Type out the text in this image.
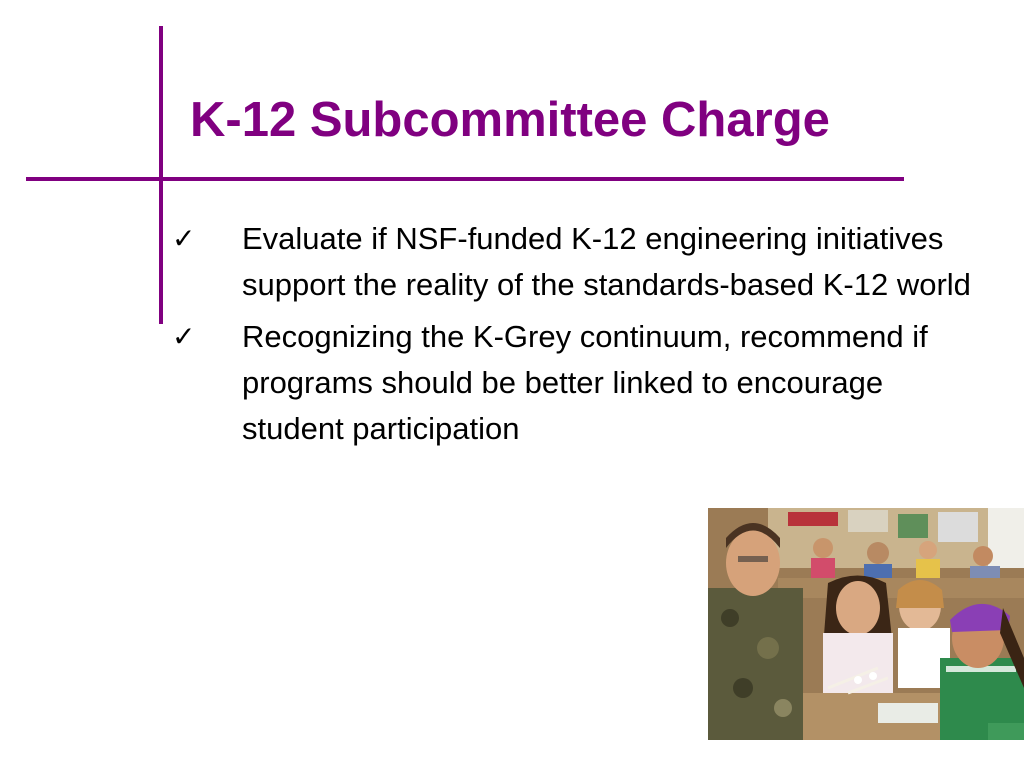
K-12 Subcommittee Charge
✓ Evaluate if NSF-funded K-12 engineering initiatives support the reality of the standards-based K-12 world
✓ Recognizing the K-Grey continuum, recommend if programs should be better linked to encourage student participation
